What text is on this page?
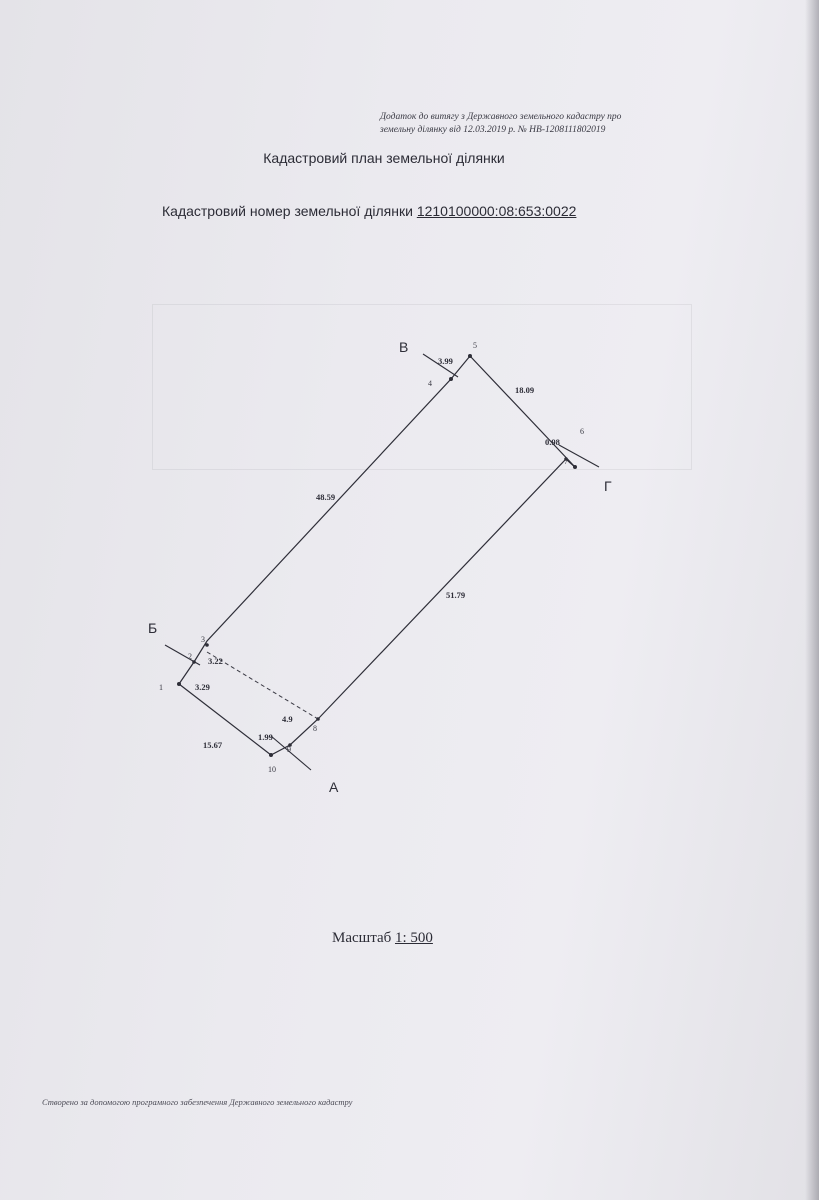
Додаток до витягу з Державного земельного кадастру про
земельну ділянку від 12.03.2019 р. № НВ-1208111802019
Кадастровий план земельної ділянки
Кадастровий номер земельної ділянки 1210100000:08:653:0022
А
Б
В
Г
1
2
3
4
5
6
7
8
9
10
3.99
18.09
0.98
48.59
51.79
3.22
3.29
4.9
1.99
15.67
Масштаб 1: 500
Створено за допомогою програмного забезпечення Державного земельного кадастру
